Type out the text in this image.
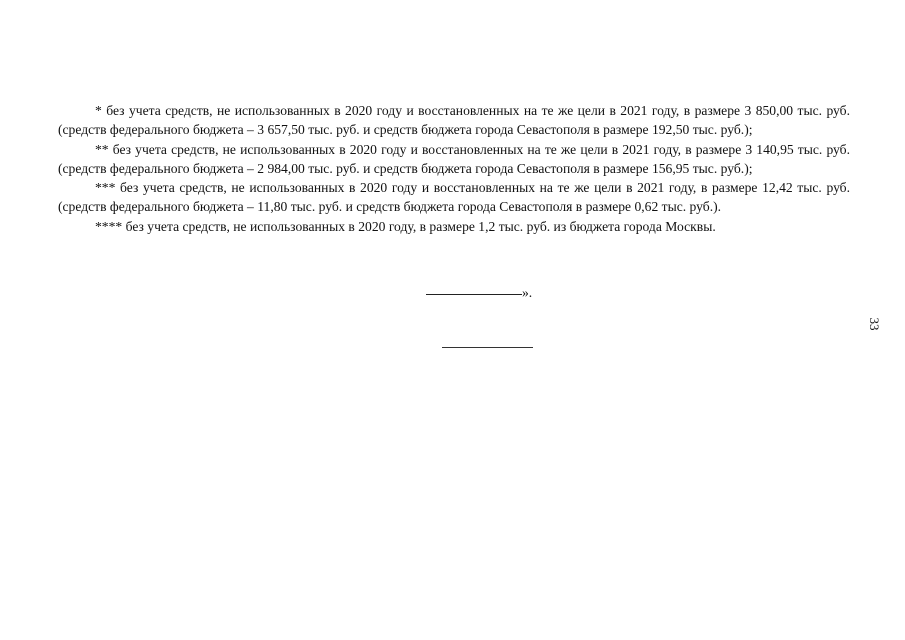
* без учета средств, не использованных в 2020 году и восстановленных на те же цели в 2021 году, в размере 3 850,00 тыс. руб. (средств федерального бюджета – 3 657,50 тыс. руб. и средств бюджета города Севастополя в размере 192,50 тыс. руб.);

** без учета средств, не использованных в 2020 году и восстановленных на те же цели в 2021 году, в размере 3 140,95 тыс. руб. (средств федерального бюджета – 2 984,00 тыс. руб. и средств бюджета города Севастополя в размере 156,95 тыс. руб.);

*** без учета средств, не использованных в 2020 году и восстановленных на те же цели в 2021 году, в размере 12,42 тыс. руб. (средств федерального бюджета – 11,80 тыс. руб. и средств бюджета города Севастополя в размере 0,62 тыс. руб.).

**** без учета средств, не использованных в 2020 году, в размере 1,2 тыс. руб. из бюджета города Москвы.

».
33
